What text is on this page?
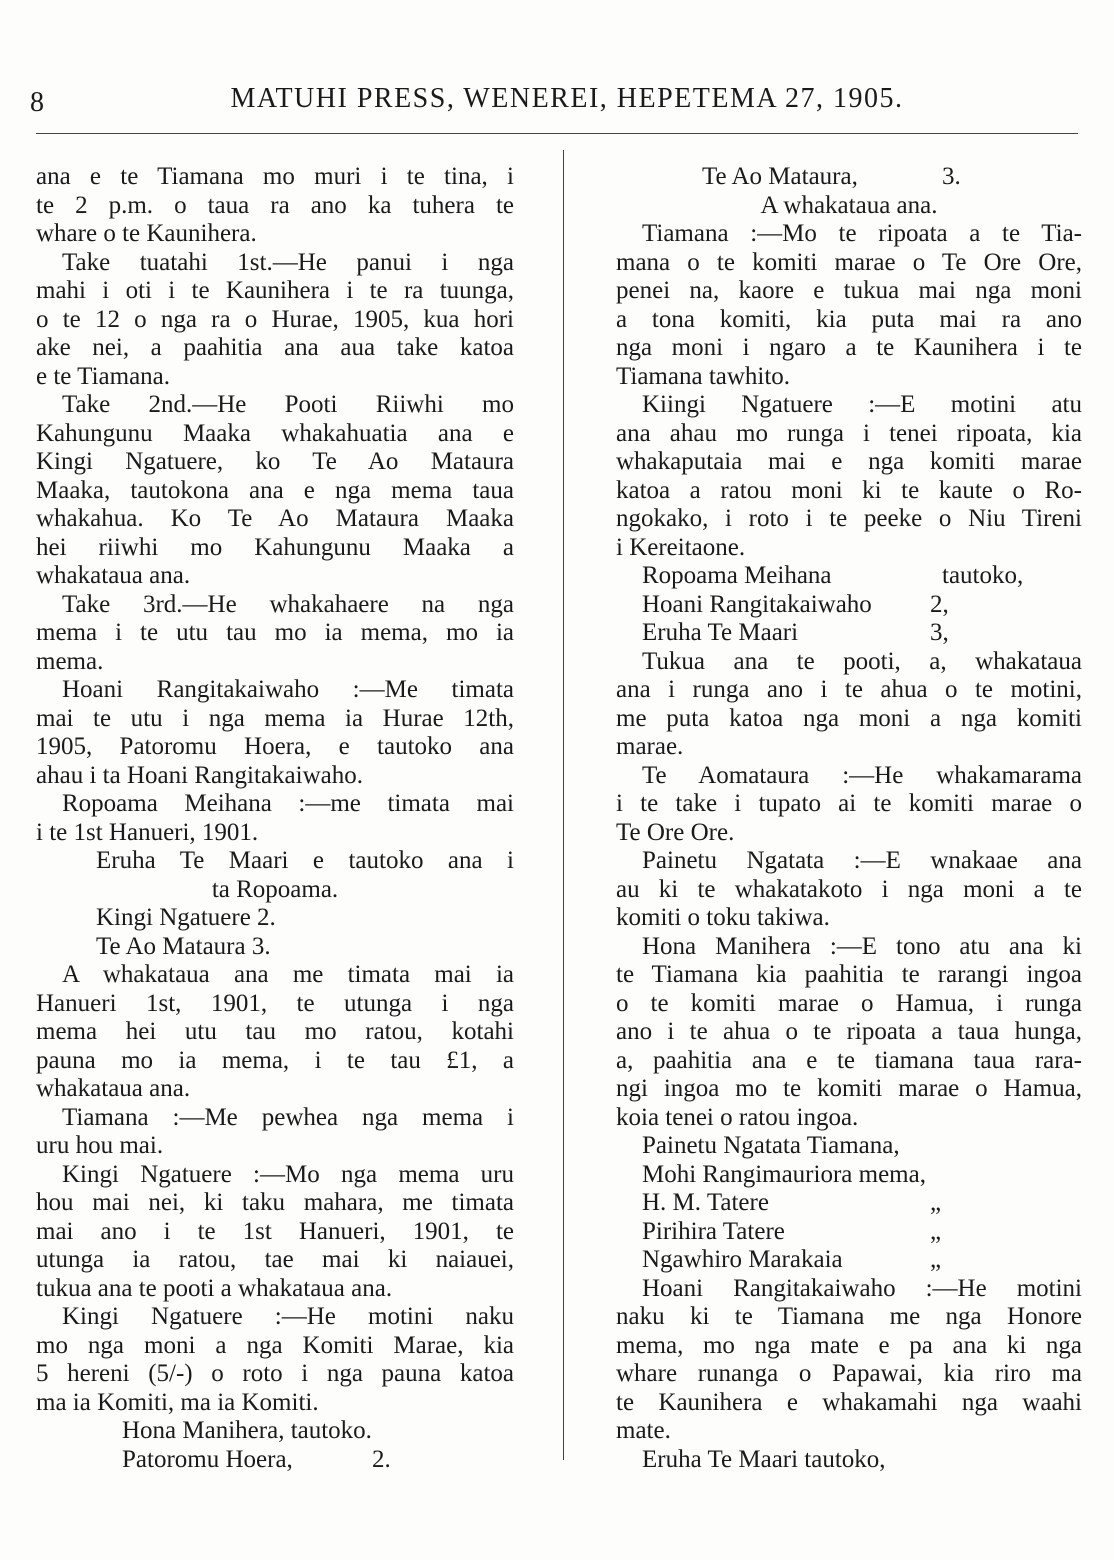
8	MATUHI PRESS, WENEREI, HEPETEMA 27, 1905.
ana e te Tiamana mo muri i te tina, i
te 2 p.m. o taua ra ano ka tuhera te
whare o te Kaunihera.
Take tuatahi 1st.—He panui i nga
mahi i oti i te Kaunihera i te ra tuunga,
o te 12 o nga ra o Hurae, 1905, kua hori
ake nei, a paahitia ana aua take katoa
e te Tiamana.
Take 2nd.—He Pooti Riiwhi mo
Kahungunu Maaka whakahuatia ana e
Kingi Ngatuere, ko Te Ao Mataura
Maaka, tautokona ana e nga mema taua
whakahua. Ko Te Ao Mataura Maaka
hei riiwhi mo Kahungunu Maaka a
whakataua ana.
Take 3rd.—He whakahaere na nga
mema i te utu tau mo ia mema, mo ia
mema.
Hoani Rangitakaiwaho :—Me timata
mai te utu i nga mema ia Hurae 12th,
1905, Patoromu Hoera, e tautoko ana
ahau i ta Hoani Rangitakaiwaho.
Ropoama Meihana :—me timata mai
i te 1st Hanueri, 1901.
Eruha Te Maari e tautoko ana i
ta Ropoama.
Kingi Ngatuere 2.
Te Ao Mataura 3.
A whakataua ana me timata mai ia
Hanueri 1st, 1901, te utunga i nga
mema hei utu tau mo ratou, kotahi
pauna mo ia mema, i te tau £1, a
whakataua ana.
Tiamana :—Me pewhea nga mema i
uru hou mai.
Kingi Ngatuere :—Mo nga mema uru
hou mai nei, ki taku mahara, me timata
mai ano i te 1st Hanueri, 1901, te
utunga ia ratou, tae mai ki naiauei,
tukua ana te pooti a whakataua ana.
Kingi Ngatuere :—He motini naku
mo nga moni a nga Komiti Marae, kia
5 hereni (5/-) o roto i nga pauna katoa
ma ia Komiti, ma ia Komiti.
Hona Manihera, tautoko.
Patoromu Hoera,	2.
Te Ao Mataura,	3.
A whakataua ana.
Tiamana :—Mo te ripoata a te Tia-
mana o te komiti marae o Te Ore Ore,
penei na, kaore e tukua mai nga moni
a tona komiti, kia puta mai ra ano
nga moni i ngaro a te Kaunihera i te
Tiamana tawhito.
Kiingi Ngatuere :—E motini atu
ana ahau mo runga i tenei ripoata, kia
whakaputaia mai e nga komiti marae
katoa a ratou moni ki te kaute o Ro-
ngokako, i roto i te peeke o Niu Tireni
i Kereitaone.
Ropoama Meihana	tautoko,
Hoani Rangitakaiwaho	2,
Eruha Te Maari	3,
Tukua ana te pooti, a, whakataua
ana i runga ano i te ahua o te motini,
me puta katoa nga moni a nga komiti
marae.
Te Aomataura :—He whakamarama
i te take i tupato ai te komiti marae o
Te Ore Ore.
Painetu Ngatata :—E wnakaae ana
au ki te whakatakoto i nga moni a te
komiti o toku takiwa.
Hona Manihera :—E tono atu ana ki
te Tiamana kia paahitia te rarangi ingoa
o te komiti marae o Hamua, i runga
ano i te ahua o te ripoata a taua hunga,
a, paahitia ana e te tiamana taua rara-
ngi ingoa mo te komiti marae o Hamua,
koia tenei o ratou ingoa.
Painetu Ngatata Tiamana,
Mohi Rangimauriora mema,
H. M. Tatere	„
Pirihira Tatere	„
Ngawhiro Marakaia	„
Hoani Rangitakaiwaho :—He motini
naku ki te Tiamana me nga Honore
mema, mo nga mate e pa ana ki nga
whare runanga o Papawai, kia riro ma
te Kaunihera e whakamahi nga waahi
mate.
Eruha Te Maari tautoko,
